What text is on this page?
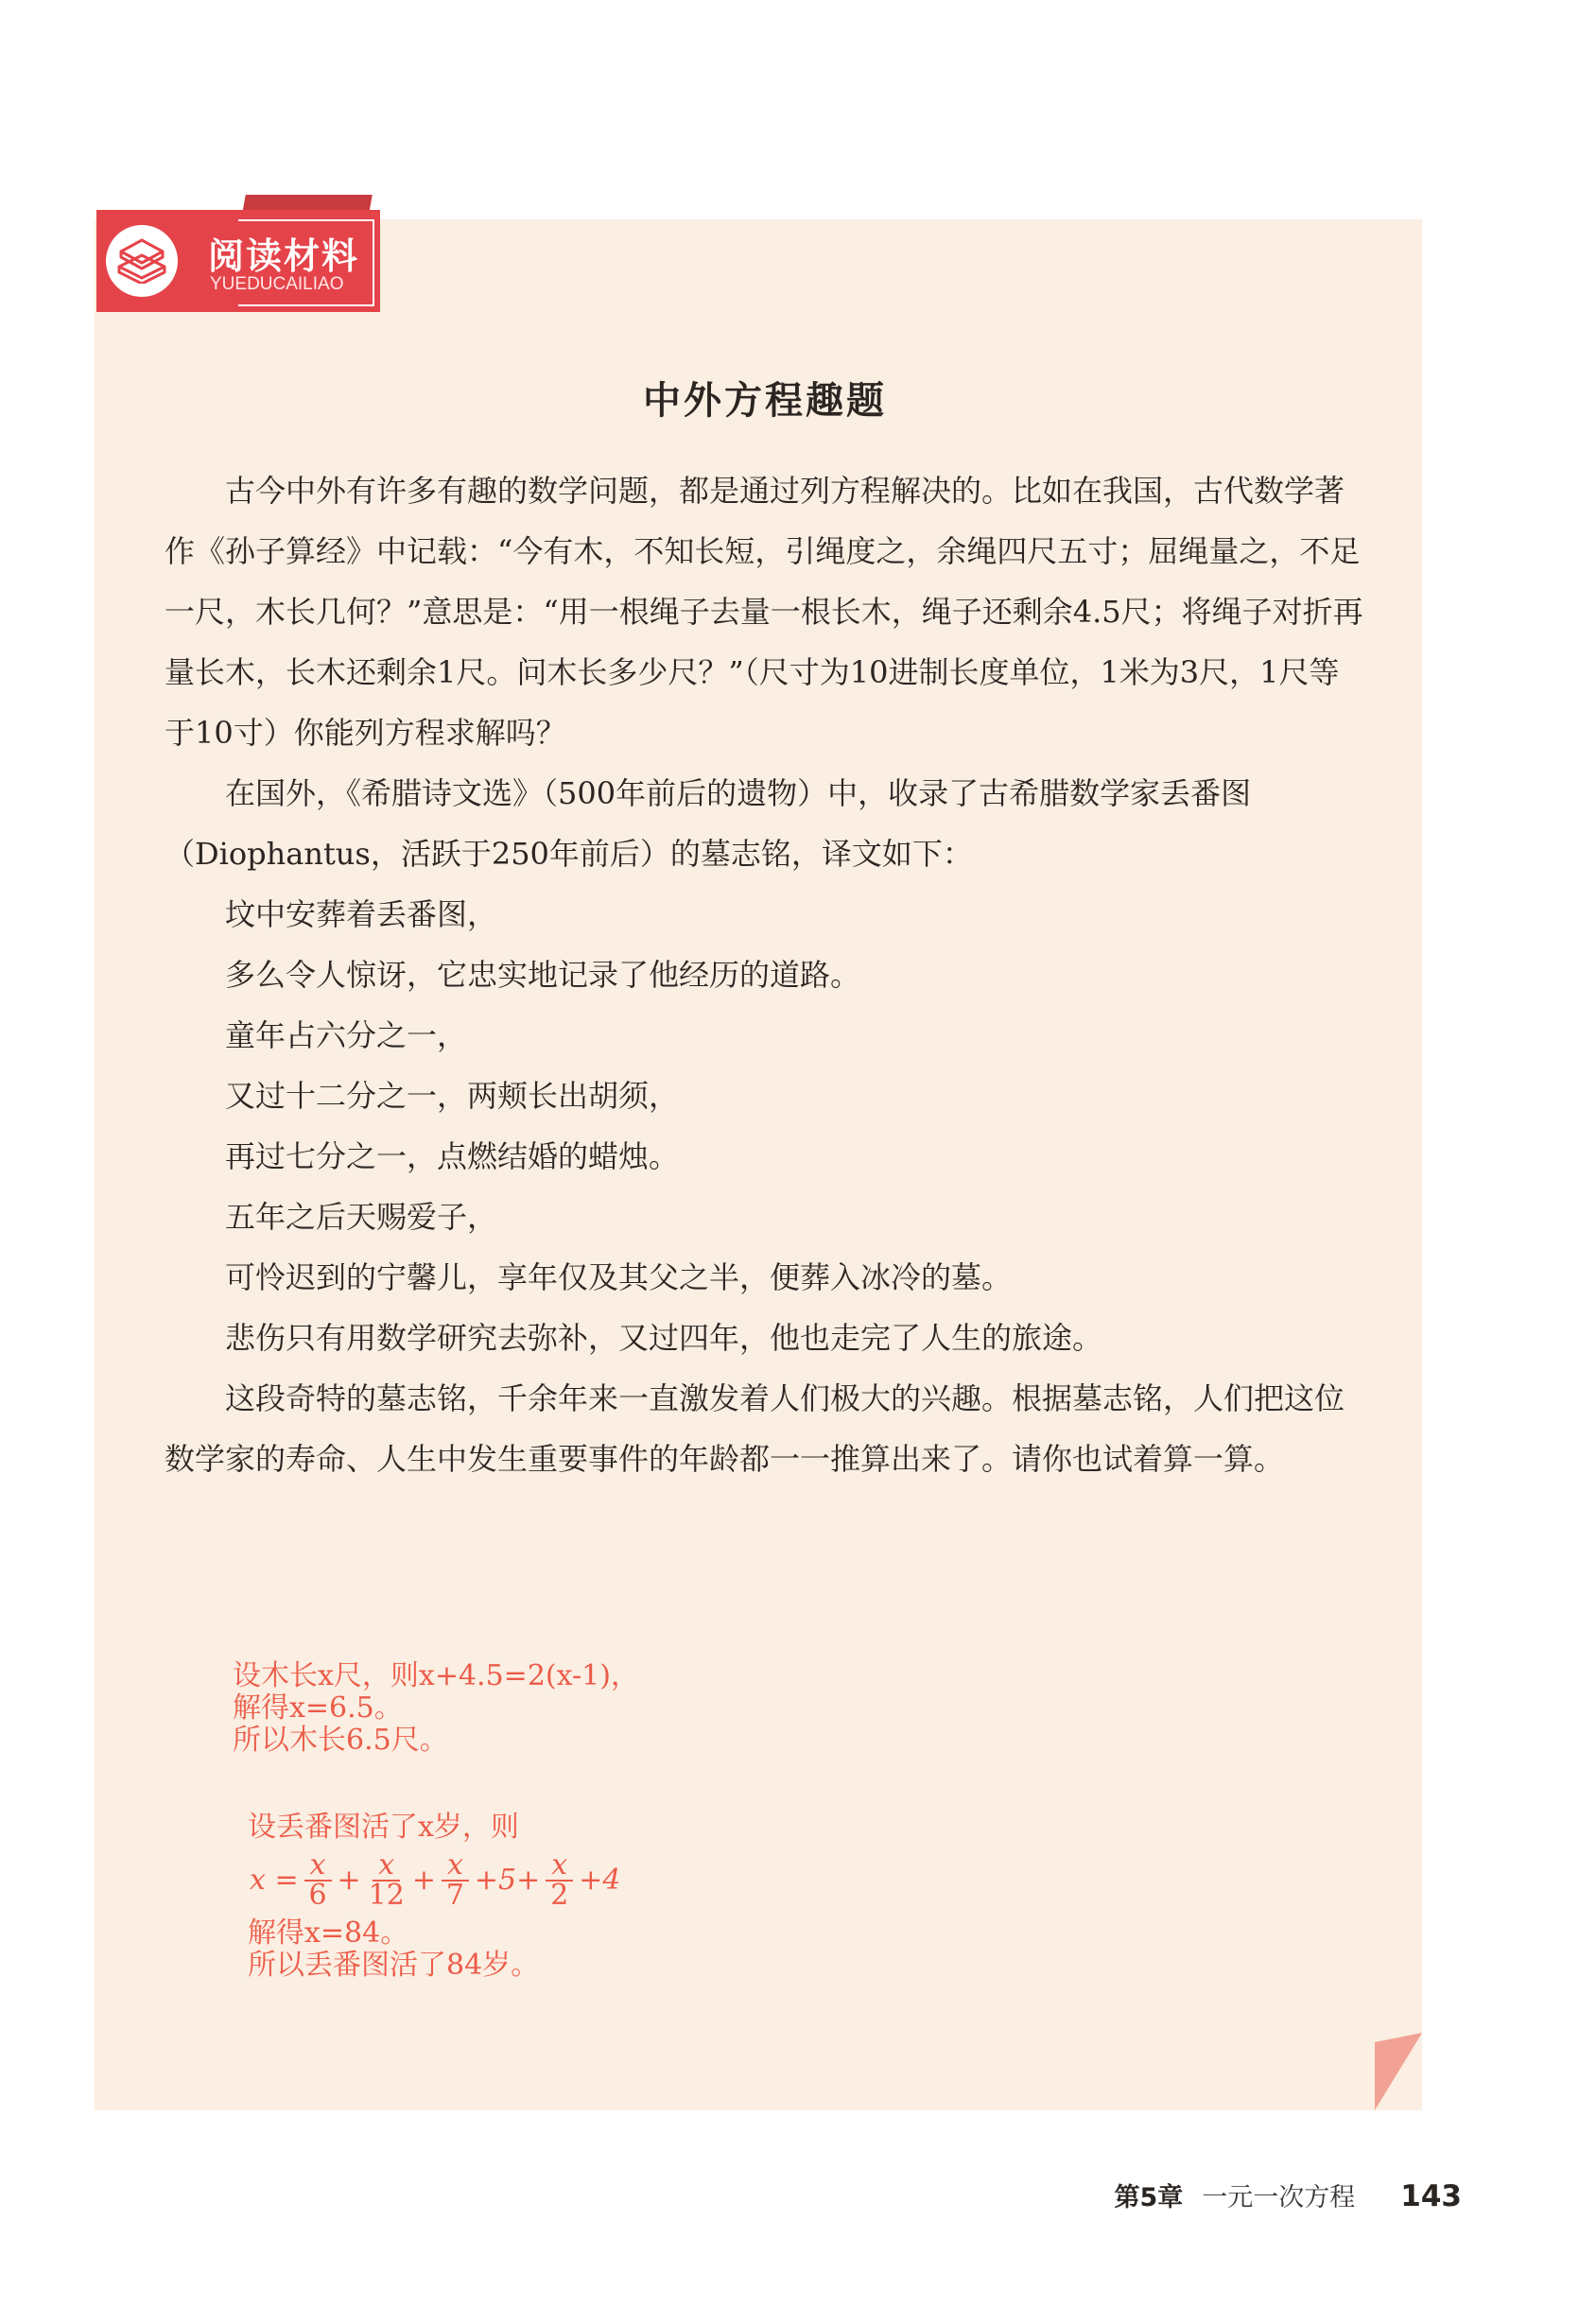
阅读材料
YUEDUCAILIAO
中外方程趣题

古今中外有许多有趣的数学问题，都是通过列方程解决的。比如在我国，古代数学著作《孙子算经》中记载：“今有木，不知长短，引绳度之，余绳四尺五寸；屈绳量之，不足一尺，木长几何？”意思是：“用一根绳子去量一根长木，绳子还剩余4.5尺；将绳子对折再量长木，长木还剩余1尺。问木长多少尺？”（尺寸为10进制长度单位，1米为3尺，1尺等于10寸）你能列方程求解吗？

在国外，《希腊诗文选》（500年前后的遗物）中，收录了古希腊数学家丢番图（Diophantus，活跃于250年前后）的墓志铭，译文如下：

坟中安葬着丢番图，

多么令人惊讶，它忠实地记录了他经历的道路。

童年占六分之一，

又过十二分之一，两颊长出胡须，

再过七分之一，点燃结婚的蜡烛。

五年之后天赐爱子，

可怜迟到的宁馨儿，享年仅及其父之半，便葬入冰冷的墓。

悲伤只有用数学研究去弥补，又过四年，他也走完了人生的旅途。

这段奇特的墓志铭，千余年来一直激发着人们极大的兴趣。根据墓志铭，人们把这位数学家的寿命、人生中发生重要事件的年龄都一一推算出来了。请你也试着算一算。

设木长x尺，则x+4.5=2(x-1)，
解得x=6.5。
所以木长6.5尺。
设丢番图活了x岁，则
$x = \frac{x}{6} + \frac{x}{12} + \frac{x}{7} +5+ \frac{x}{2} +4$
解得x=84。
所以丢番图活了84岁。
第5章 一元一次方程 143
